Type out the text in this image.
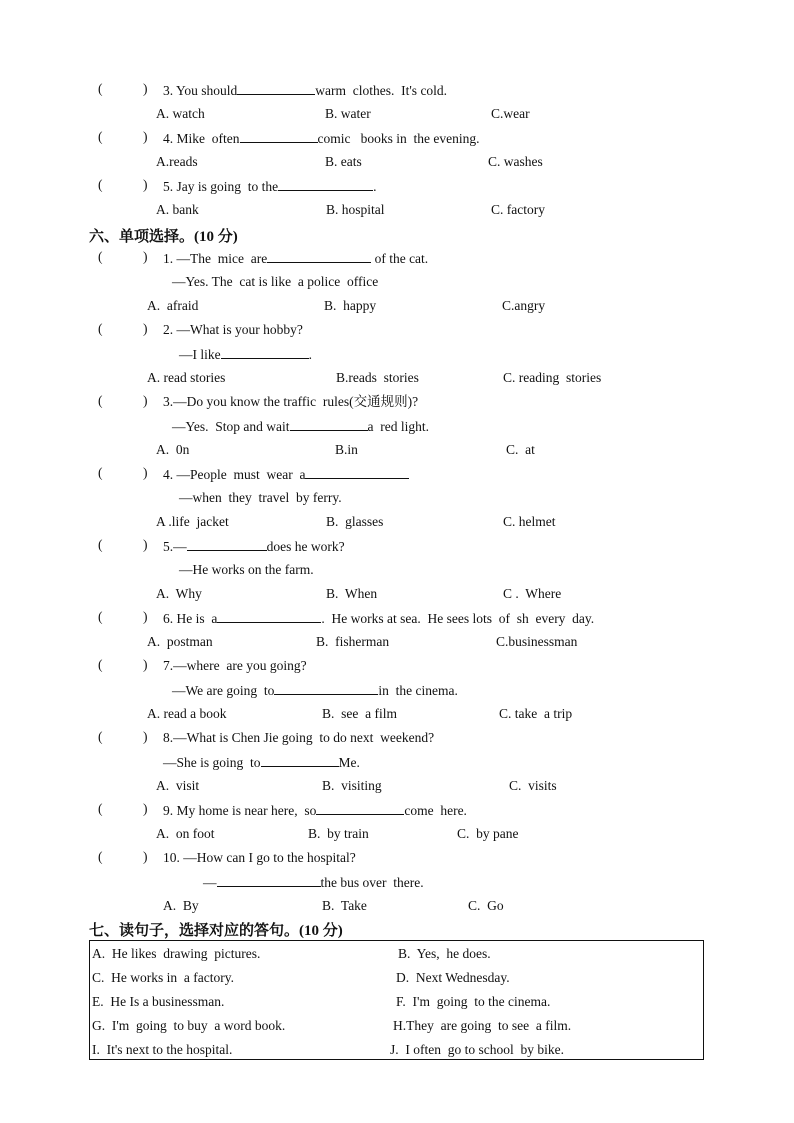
(            ) 3. You should	warm  clothes.  It's cold.
A. watch	B. water	C.wear
(            ) 4. Mike  often	comic   books in  the evening.
A.reads	B. eats	C. washes
(            ) 5. Jay is going  to the	.
A. bank	B. hospital	C. factory
六、单项选择。(10 分)
(            ) 1. —The  mice  are	of the cat.
—Yes. The  cat is like  a police  office
A.  afraid	B.  happy	C.angry
(            ) 2. —What is your hobby?
—I like	.
A. read stories	B.reads  stories	C. reading  stories
(            ) 3.—Do you know the traffic  rules(交通规则)?
—Yes.  Stop and wait	a  red light.
A.  0n	B.in	C.  at
(            ) 4. —People  must  wear  a
—when  they  travel  by ferry.
A .life  jacket	B.  glasses	C. helmet
(            ) 5.—	does he work?
—He works on the farm.
A.  Why	B.  When	C .  Where
(            ) 6. He is  a	.  He works at sea.  He sees lots  of  sh  every  day.
A.  postman	B.  fisherman	C.businessman
(            ) 7.—where  are you going?
—We are going  to	in  the cinema.
A. read a book	B.  see  a film	C. take  a trip
(            ) 8.—What is Chen Jie going  to do next  weekend?
—She is going  to	Me.
A.  visit	B.  visiting	C.  visits
(            ) 9. My home is near here,  so	come  here.
A.  on foot	B.  by train	C.  by pane
(            ) 10. —How can I go to the hospital?
—	the bus over  there.
A.  By	B.  Take	C.  Go
七、读句子，选择对应的答句。(10 分)
A.  He likes  drawing  pictures.	B.  Yes,  he does.
C.  He works in  a factory.	D.  Next Wednesday.
E.  He Is a businessman.	F.  I'm  going  to the cinema.
G.  I'm  going  to buy  a word book.	H.They  are going  to see  a film.
I.  It's next to the hospital.	J.  I often  go to school  by bike.
